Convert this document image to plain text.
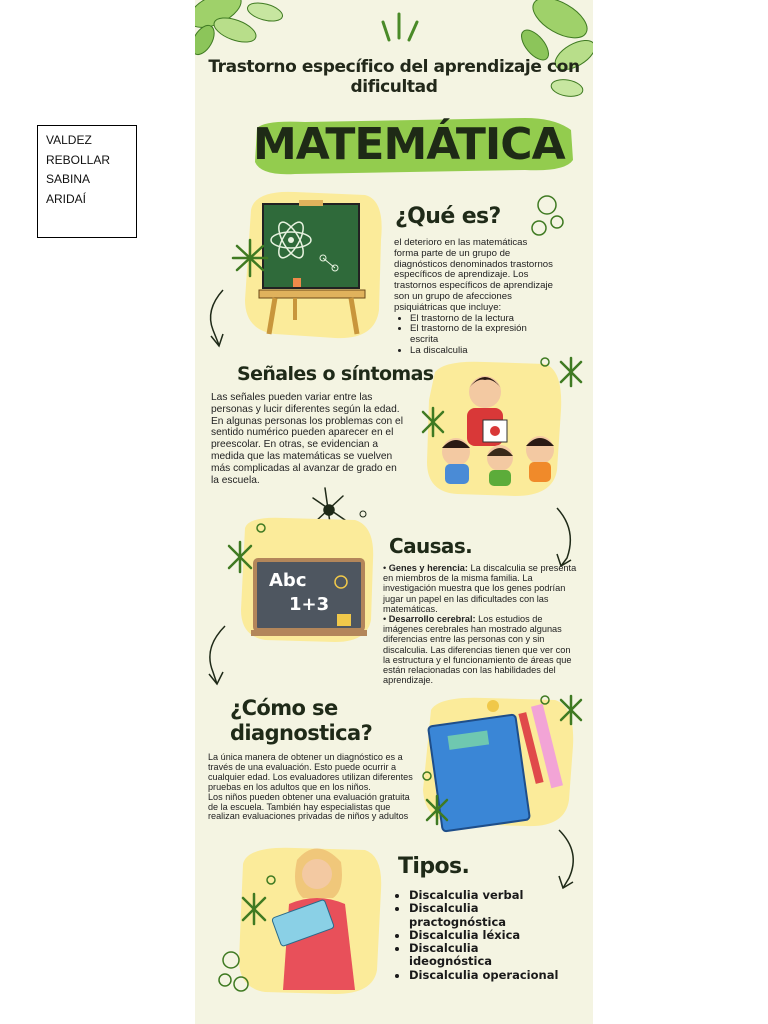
VALDEZ
REBOLLAR
SABINA
ARIDAÍ
Abc
1+3
Trastorno específico del aprendizaje con dificultad
MATEMÁTICA
¿Qué es?

el deterioro en las matemáticas forma parte de un grupo de diagnósticos denominados trastornos específicos de aprendizaje. Los trastornos específicos de aprendizaje son un grupo de afecciones psiquiátricas que incluye:

• El trastorno de la lectura
• El trastorno de la expresión escrita
• La discalculia
Señales o síntomas

Las señales pueden variar entre las personas y lucir diferentes según la edad.

En algunas personas los problemas con el sentido numérico pueden aparecer en el preescolar. En otras, se evidencian a medida que las matemáticas se vuelven más complicadas al avanzar de grado en la escuela.

Causas.
• Genes y herencia: La discalculia se presenta en miembros de la misma familia. La investigación muestra que los genes podrían jugar un papel en las dificultades con las matemáticas.
• Desarrollo cerebral: Los estudios de imágenes cerebrales han mostrado algunas diferencias entre las personas con y sin discalculia. Las diferencias tienen que ver con la estructura y el funcionamiento de áreas que están relacionadas con las habilidades del aprendizaje.
¿Cómo se
diagnostica?

La única manera de obtener un diagnóstico es a través de una evaluación. Esto puede ocurrir a cualquier edad. Los evaluadores utilizan diferentes pruebas en los adultos que en los niños.

Los niños pueden obtener una evaluación gratuita de la escuela. También hay especialistas que realizan evaluaciones privadas de niños y adultos

Tipos.
• Discalculia verbal
• Discalculia practognóstica
• Discalculia léxica
• Discalculia ideognóstica
• Discalculia operacional
